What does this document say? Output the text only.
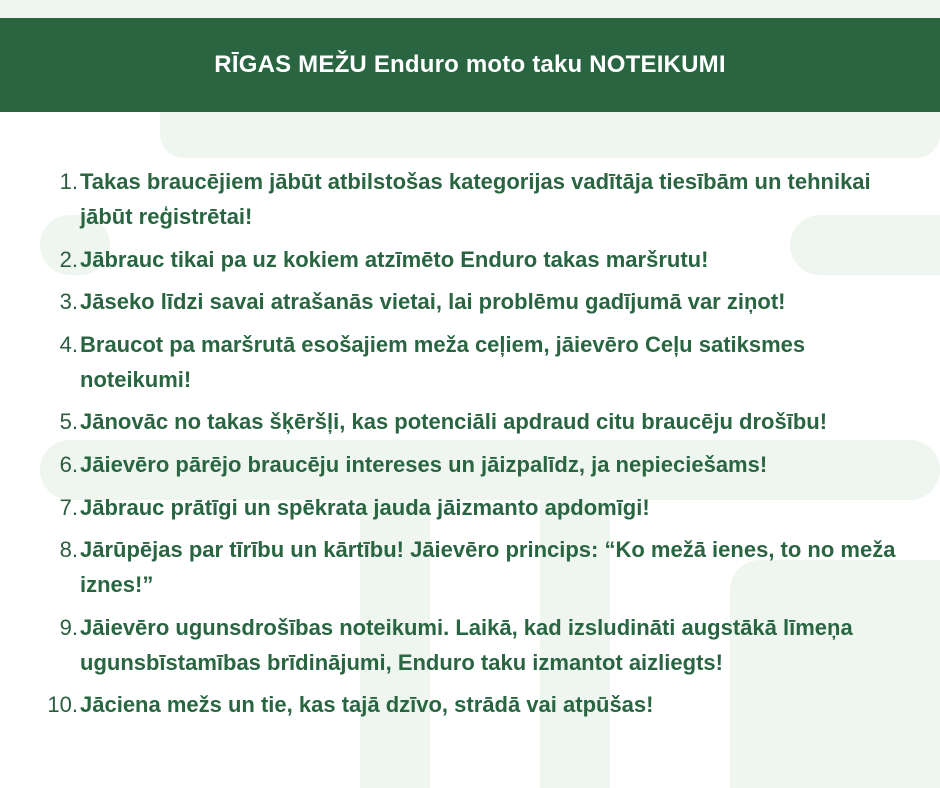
RĪGAS MEŽU Enduro moto taku NOTEIKUMI
1. Takas braucējiem jābūt atbilstošas kategorijas vadītāja tiesībām un tehnikai jābūt reģistrētai!
2. Jābrauc tikai pa uz kokiem atzīmēto Enduro takas maršrutu!
3. Jāseko līdzi savai atrašanās vietai, lai problēmu gadījumā var ziņot!
4. Braucot pa maršrutā esošajiem meža ceļiem, jāievēro Ceļu satiksmes noteikumi!
5. Jānovāc no takas šķēršļi, kas potenciāli apdraud citu braucēju drošību!
6. Jāievēro pārējo braucēju intereses un jāizpalīdz, ja nepieciešams!
7. Jābrauc prātīgi un spēkrata jauda jāizmanto apdomīgi!
8. Jārūpējas par tīrību un kārtību! Jāievēro princips: “Ko mežā ienes, to no meža iznes!”
9. Jāievēro ugunsdrošības noteikumi. Laikā, kad izsludināti augstākā līmeņa ugunsbīstamības brīdinājumi, Enduro taku izmantot aizliegts!
10. Jāciena mežs un tie, kas tajā dzīvo, strādā vai atpūšas!
